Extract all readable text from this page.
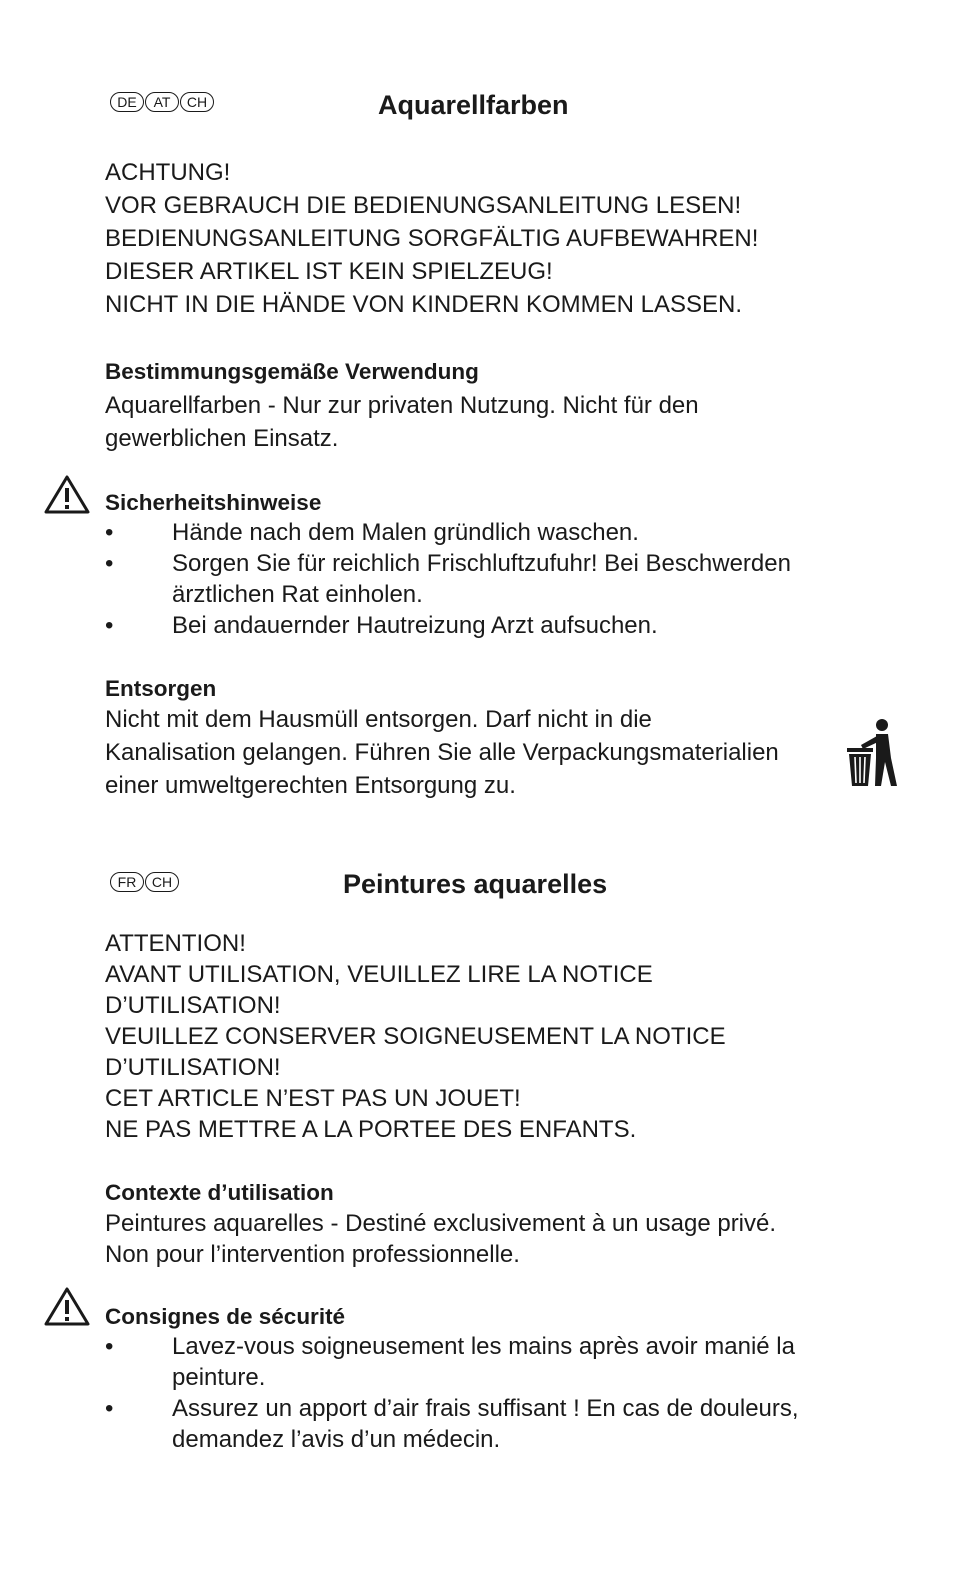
DE	AT	CH	Aquarellfarben
ACHTUNG!
VOR GEBRAUCH DIE BEDIENUNGSANLEITUNG LESEN!
BEDIENUNGSANLEITUNG SORGFÄLTIG AUFBEWAHREN!
DIESER ARTIKEL IST KEIN SPIELZEUG!
NICHT IN DIE HÄNDE VON KINDERN KOMMEN LASSEN.
Bestimmungsgemäße Verwendung
Aquarellfarben - Nur zur privaten Nutzung. Nicht für den
gewerblichen Einsatz.
Sicherheitshinweise
• Hände nach dem Malen gründlich waschen.
• Sorgen Sie für reichlich Frischluftzufuhr! Bei Beschwerden ärztlichen Rat einholen.
• Bei andauernder Hautreizung Arzt aufsuchen.
Entsorgen
Nicht mit dem Hausmüll entsorgen. Darf nicht in die
Kanalisation gelangen. Führen Sie alle Verpackungsmaterialien
einer umweltgerechten Entsorgung zu.
FR	CH	Peintures aquarelles
ATTENTION!
AVANT UTILISATION, VEUILLEZ LIRE LA NOTICE
D’UTILISATION!
VEUILLEZ CONSERVER SOIGNEUSEMENT LA NOTICE
D’UTILISATION!
CET ARTICLE N’EST PAS UN JOUET!
NE PAS METTRE A LA PORTEE DES ENFANTS.
Contexte d’utilisation
Peintures aquarelles - Destiné exclusivement à un usage privé.
Non pour l’intervention professionnelle.
Consignes de sécurité
• Lavez-vous soigneusement les mains après avoir manié la peinture.
• Assurez un apport d’air frais suffisant ! En cas de douleurs, demandez l’avis d’un médecin.
